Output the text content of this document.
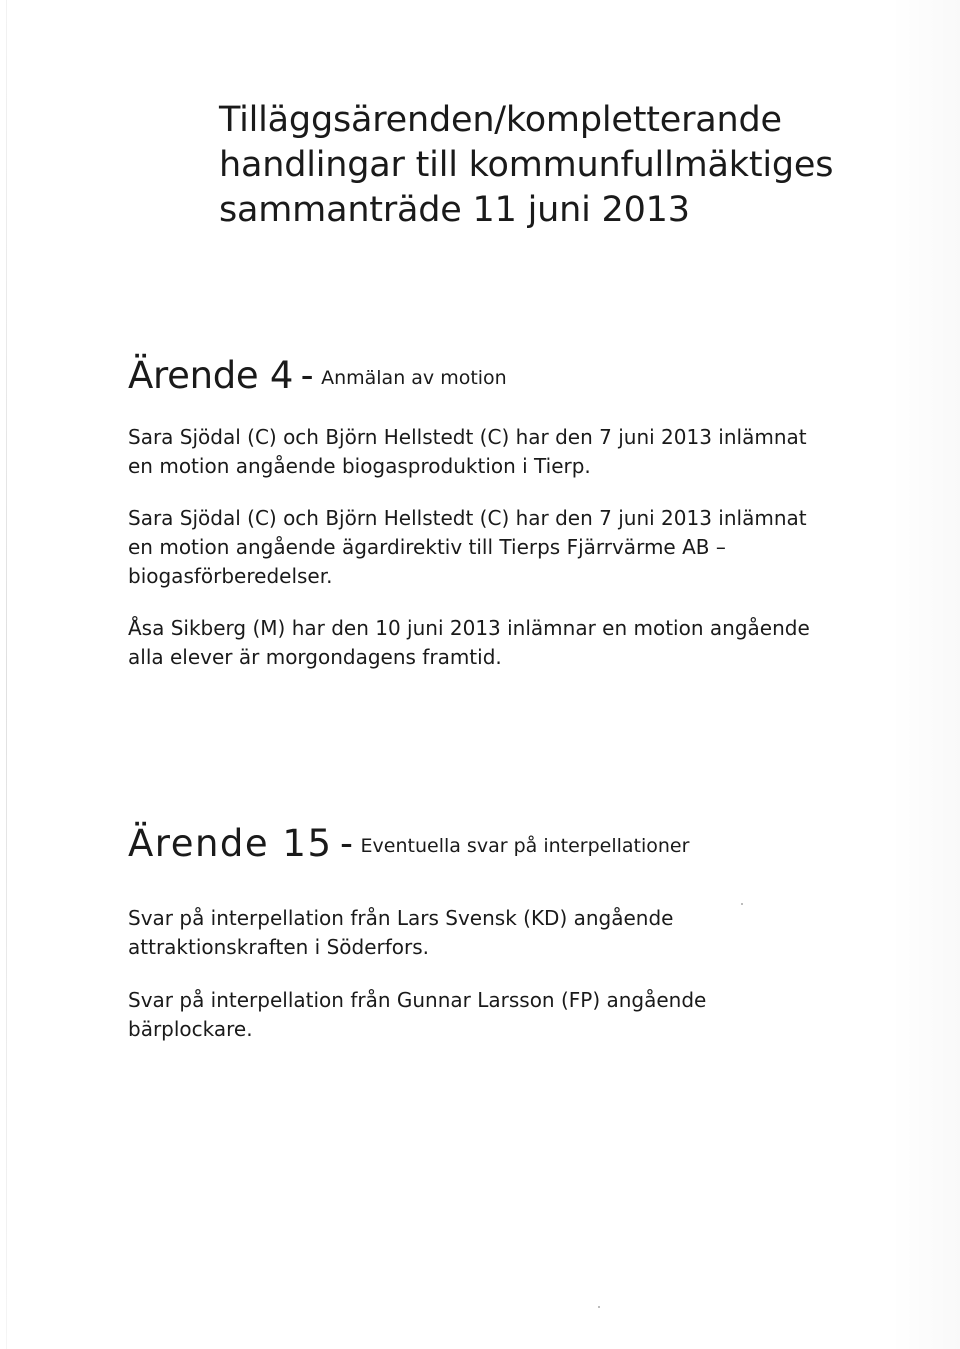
Tilläggsärenden/kompletterande
handlingar till kommunfullmäktiges
sammanträde 11 juni 2013
Ärende 4 – Anmälan av motion

Sara Sjödal (C) och Björn Hellstedt (C) har den 7 juni 2013 inlämnat
en motion angående biogasproduktion i Tierp.

Sara Sjödal (C) och Björn Hellstedt (C) har den 7 juni 2013 inlämnat
en motion angående ägardirektiv till Tierps Fjärrvärme AB –
biogasförberedelser.

Åsa Sikberg (M) har den 10 juni 2013 inlämnar en motion angående
alla elever är morgondagens framtid.

Ärende 15 – Eventuella svar på interpellationer

Svar på interpellation från Lars Svensk (KD) angående
attraktionskraften i Söderfors.

Svar på interpellation från Gunnar Larsson (FP) angående
bärplockare.
